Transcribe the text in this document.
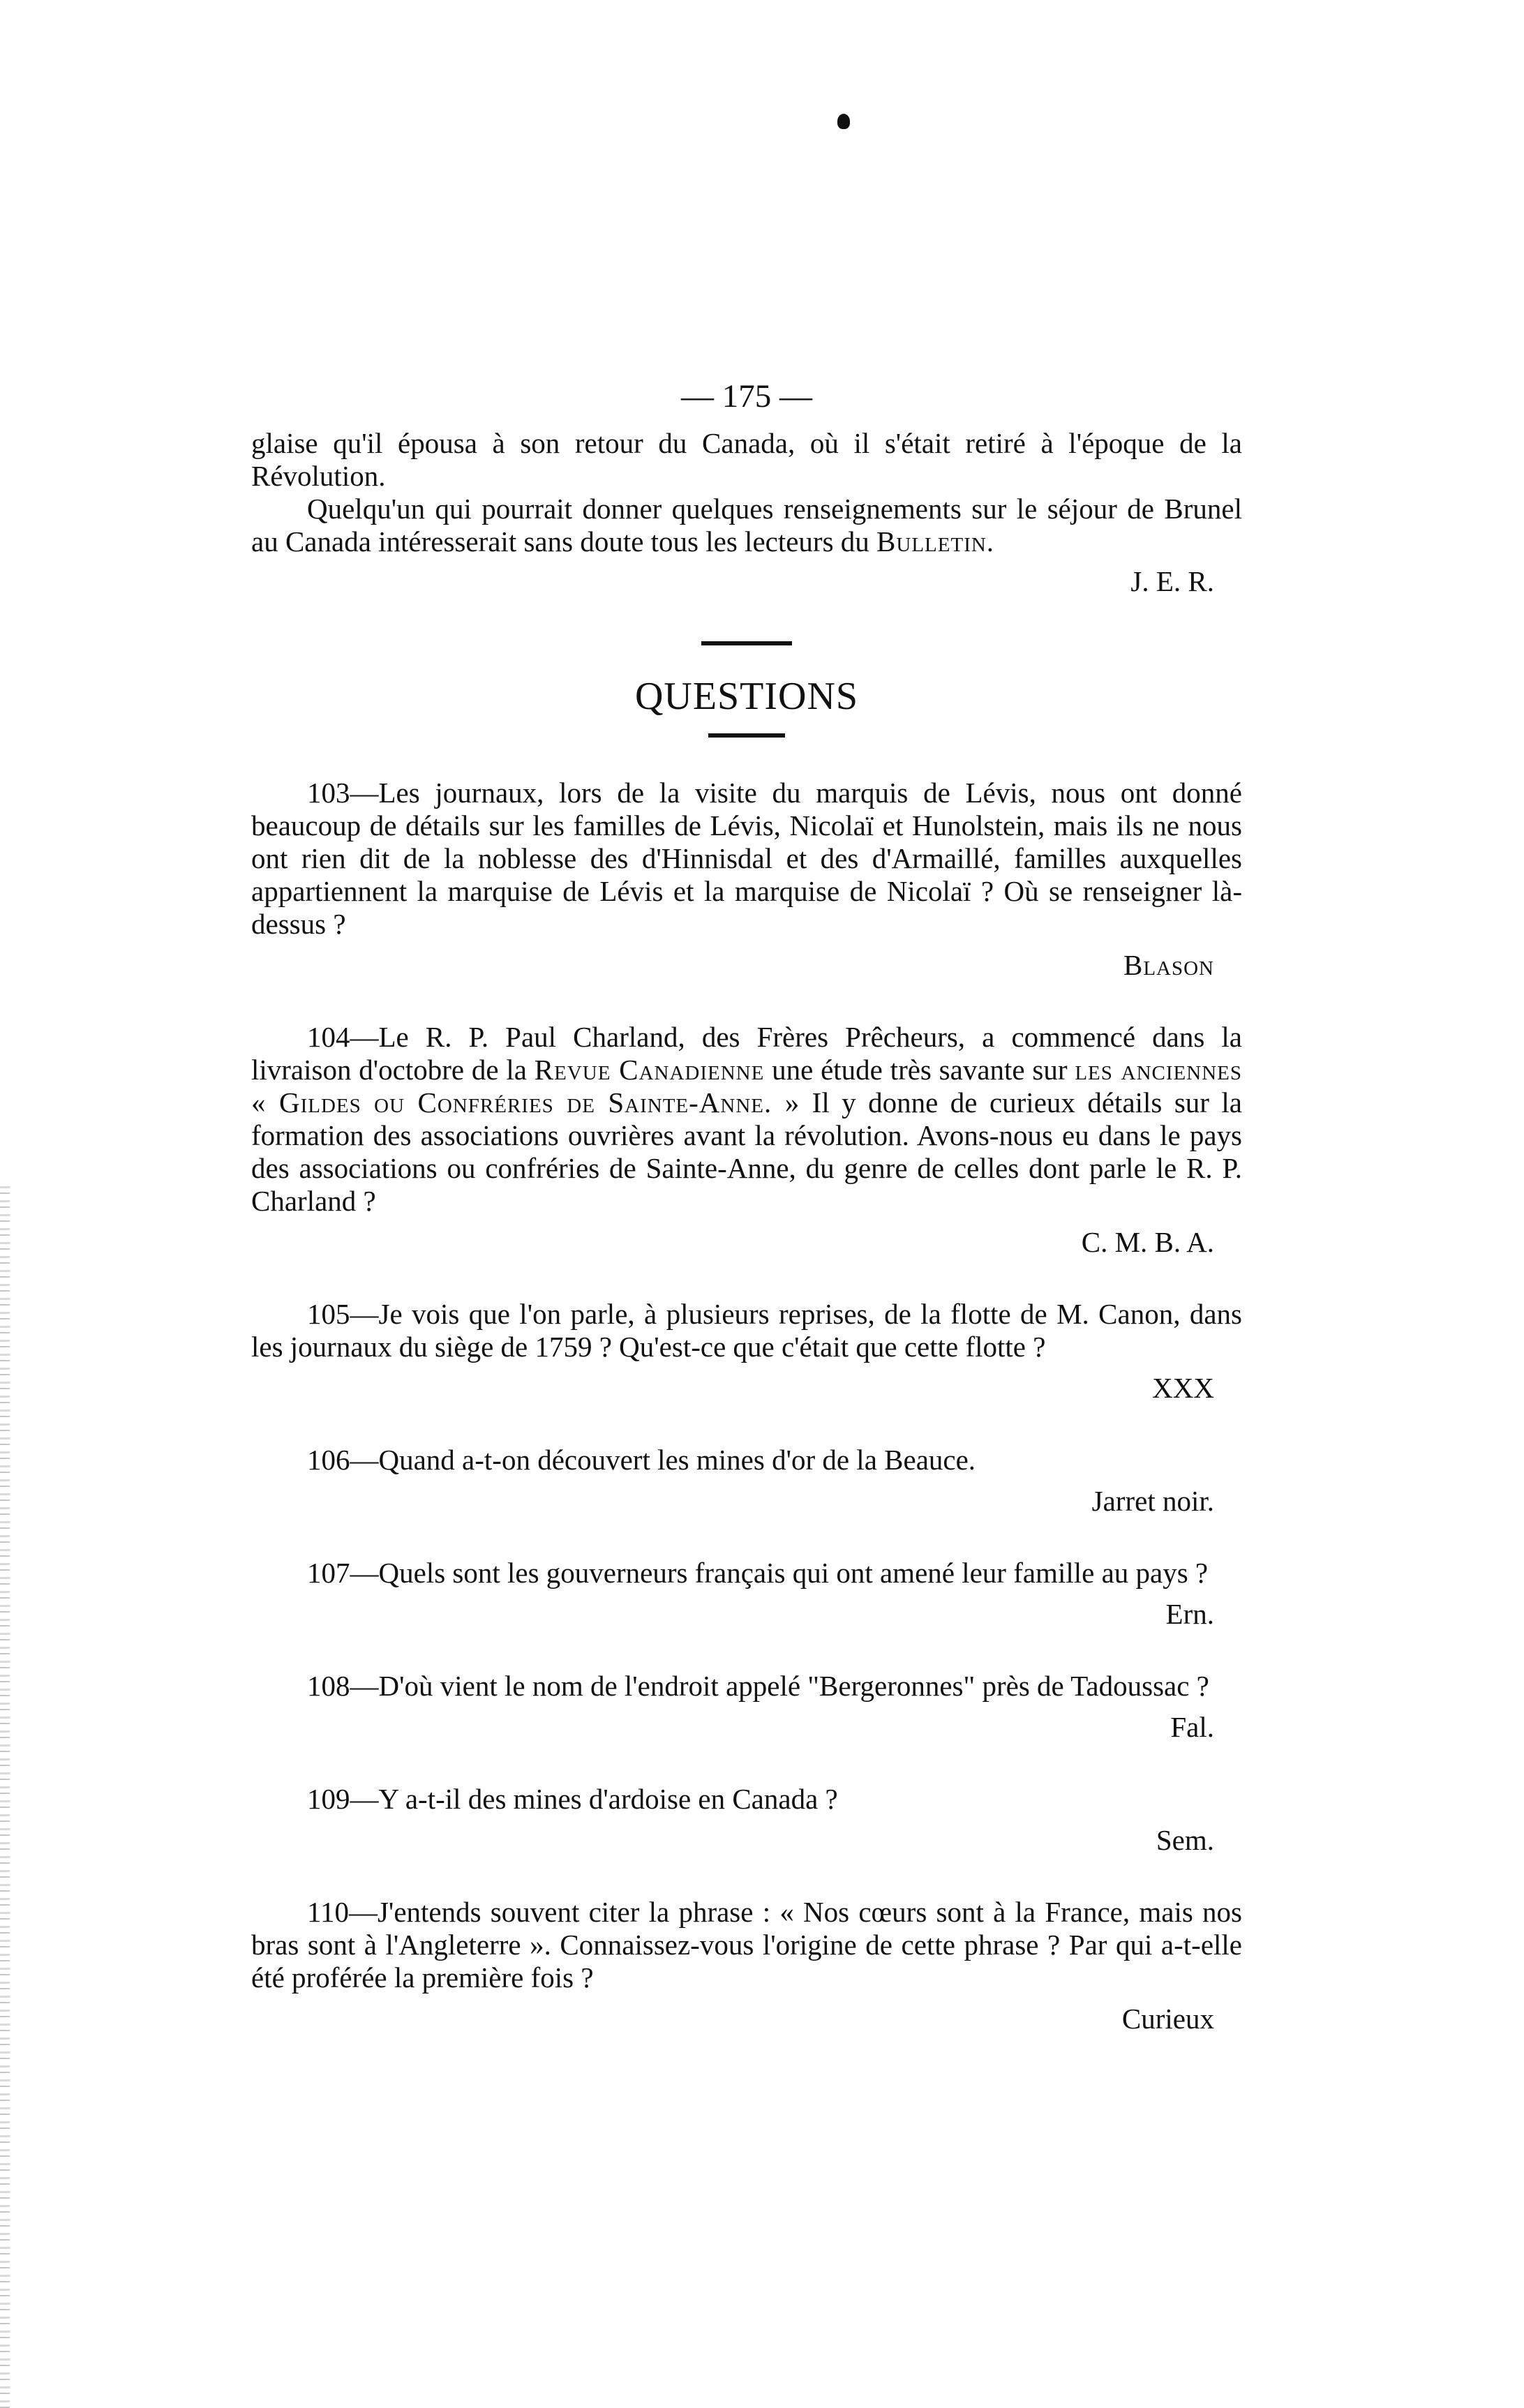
— 175 —

glaise qu'il épousa à son retour du Canada, où il s'était retiré à l'époque de la Révolution.

Quelqu'un qui pourrait donner quelques renseignements sur le séjour de Brunel au Canada intéresserait sans doute tous les lecteurs du Bulletin.

J. E. R.
QUESTIONS

103—Les journaux, lors de la visite du marquis de Lévis, nous ont donné beaucoup de détails sur les familles de Lévis, Nicolaï et Hunolstein, mais ils ne nous ont rien dit de la noblesse des d'Hinnisdal et des d'Armaillé, familles auxquelles appartiennent la marquise de Lévis et la marquise de Nicolaï ? Où se renseigner là-dessus ?

Blason

104—Le R. P. Paul Charland, des Frères Prêcheurs, a commencé dans la livraison d'octobre de la Revue Canadienne une étude très savante sur les anciennes « Gildes ou Confréries de Sainte-Anne. » Il y donne de curieux détails sur la formation des associations ouvrières avant la révolution. Avons-nous eu dans le pays des associations ou confréries de Sainte-Anne, du genre de celles dont parle le R. P. Charland ?

C. M. B. A.

105—Je vois que l'on parle, à plusieurs reprises, de la flotte de M. Canon, dans les journaux du siège de 1759 ? Qu'est-ce que c'était que cette flotte ?

XXX

106—Quand a-t-on découvert les mines d'or de la Beauce.

Jarret noir.

107—Quels sont les gouverneurs français qui ont amené leur famille au pays ?

Ern.

108—D'où vient le nom de l'endroit appelé "Bergeronnes" près de Tadoussac ?

Fal.

109—Y a-t-il des mines d'ardoise en Canada ?

Sem.

110—J'entends souvent citer la phrase : « Nos cœurs sont à la France, mais nos bras sont à l'Angleterre ». Connaissez-vous l'origine de cette phrase ? Par qui a-t-elle été proférée la première fois ?

Curieux
